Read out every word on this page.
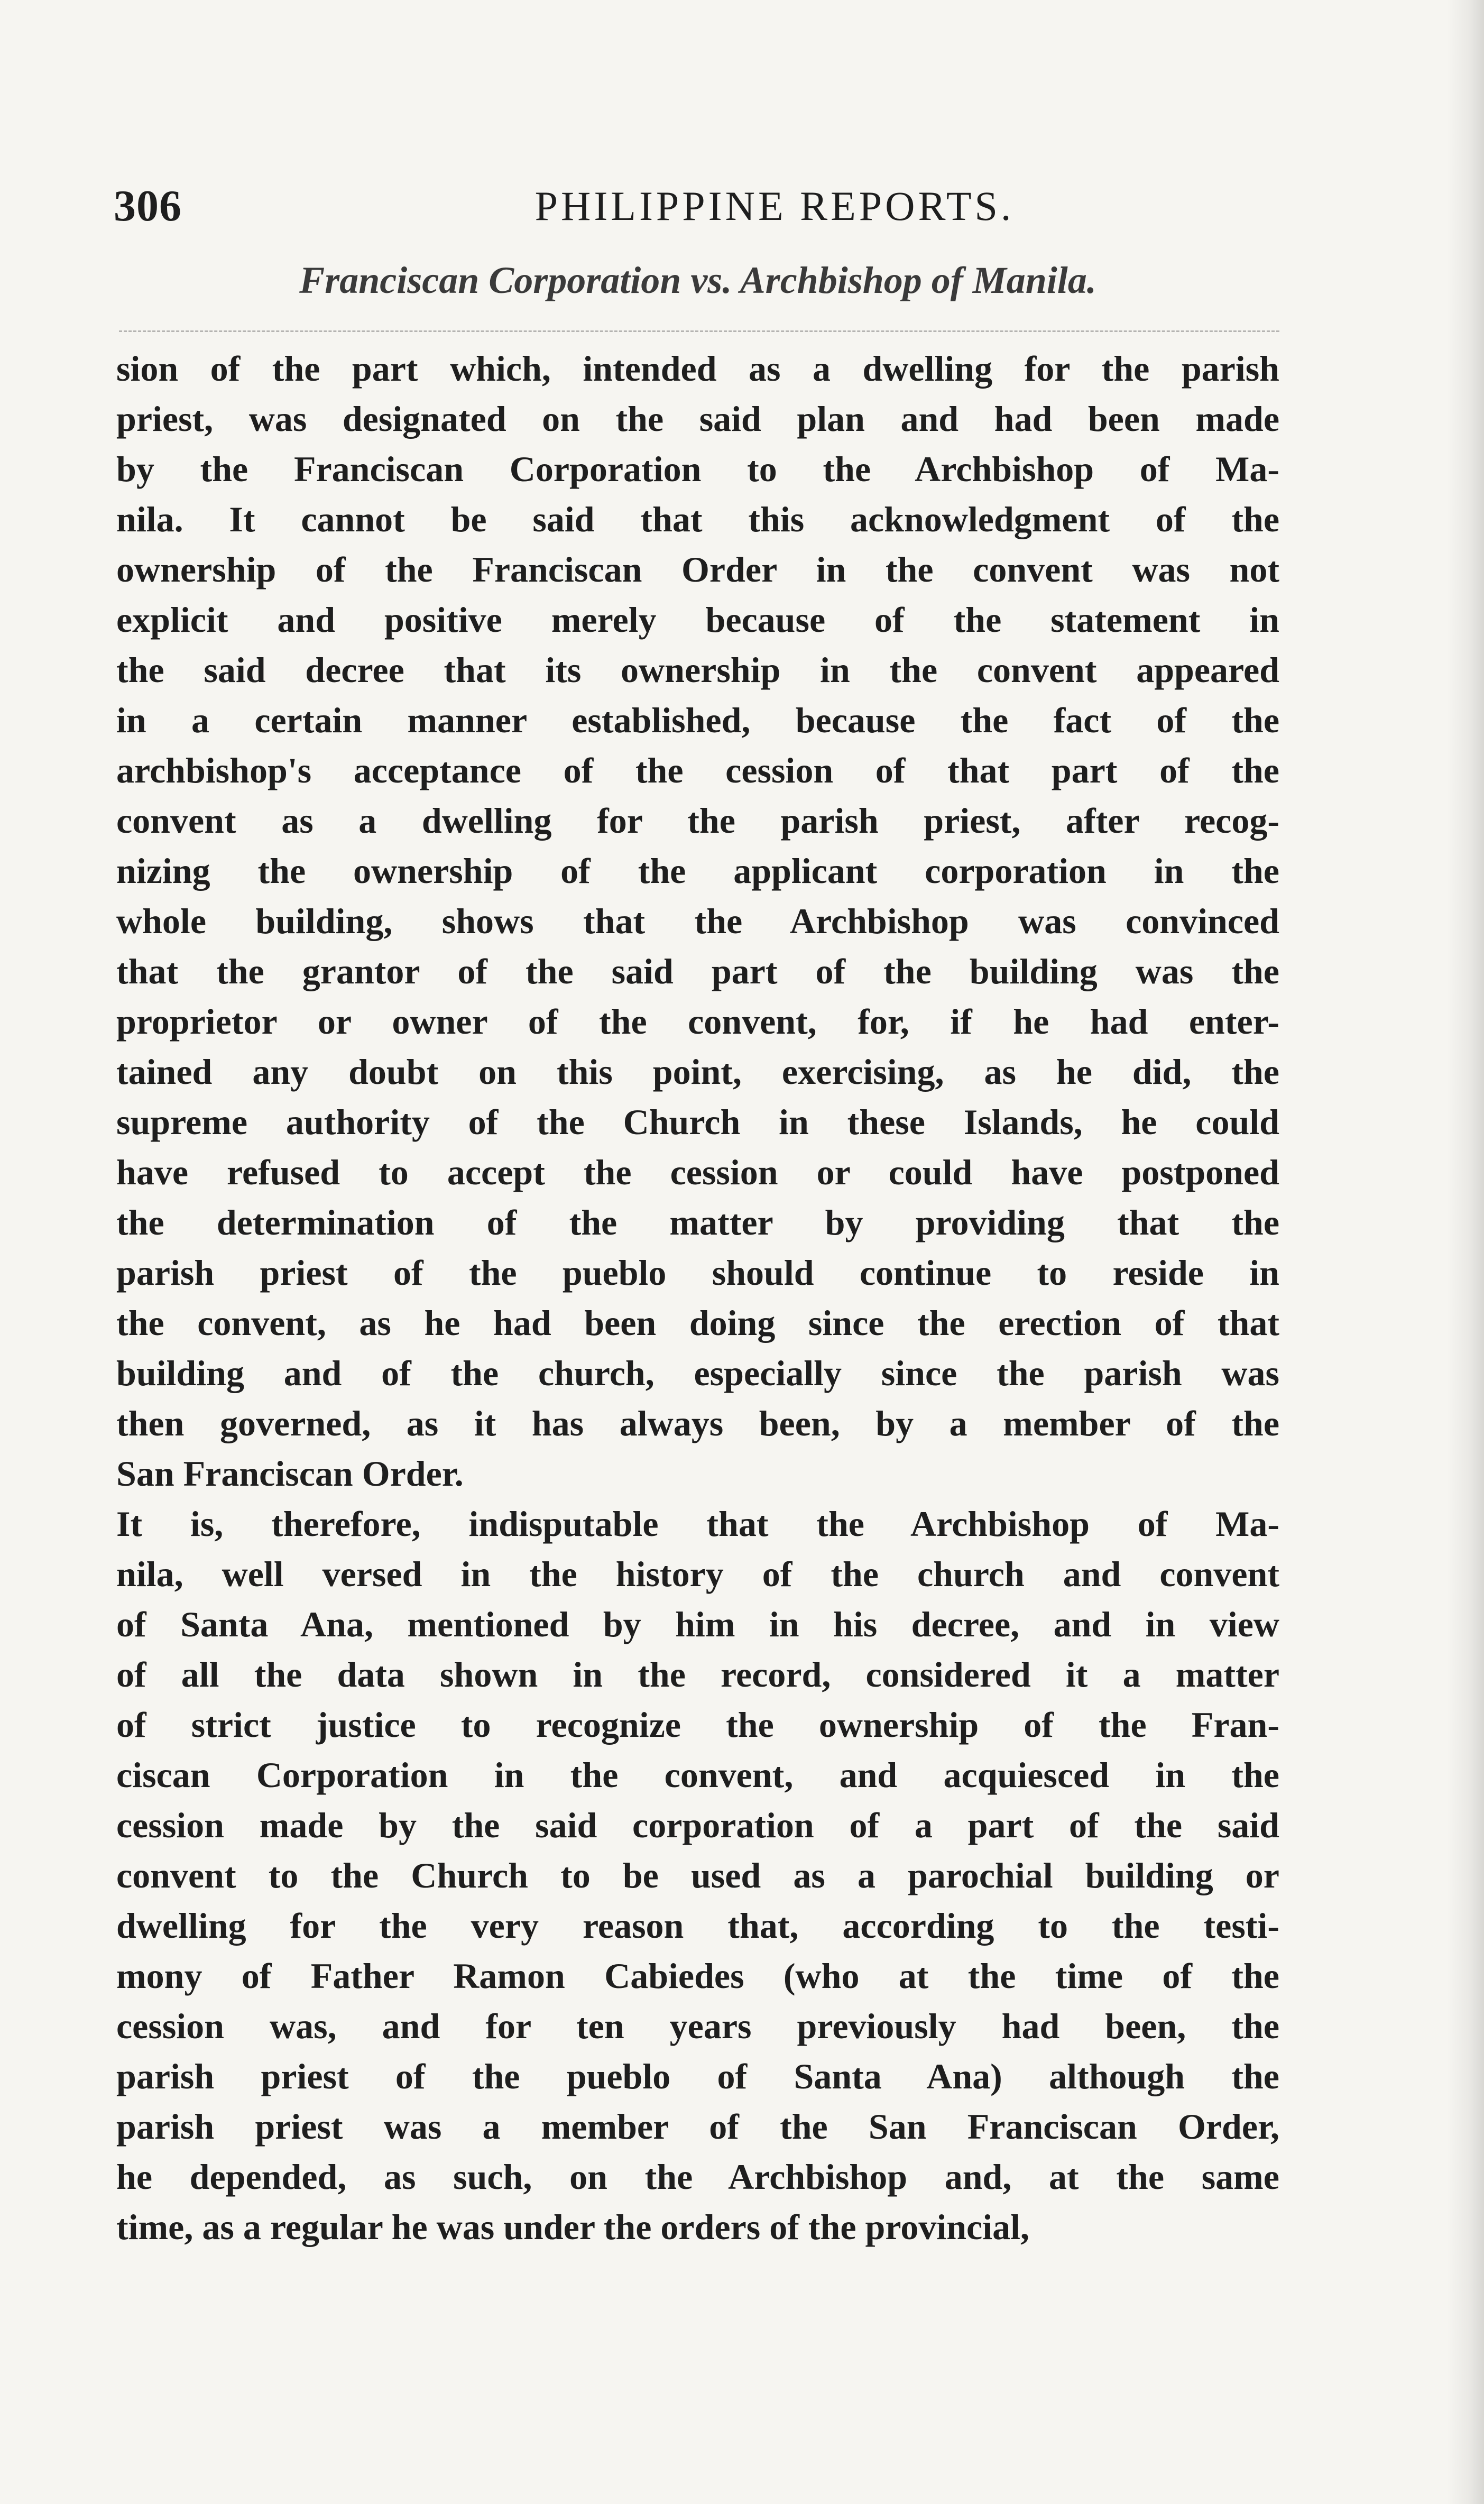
306	PHILIPPINE REPORTS.
Franciscan Corporation vs. Archbishop of Manila.

sion of the part which, intended as a dwelling for the parish
priest, was designated on the said plan and had been made
by the Franciscan Corporation to the Archbishop of Ma-
nila. It cannot be said that this acknowledgment of the
ownership of the Franciscan Order in the convent was not
explicit and positive merely because of the statement in
the said decree that its ownership in the convent appeared
in a certain manner established, because the fact of the
archbishop's acceptance of the cession of that part of the
convent as a dwelling for the parish priest, after recog-
nizing the ownership of the applicant corporation in the
whole building, shows that the Archbishop was convinced
that the grantor of the said part of the building was the
proprietor or owner of the convent, for, if he had enter-
tained any doubt on this point, exercising, as he did, the
supreme authority of the Church in these Islands, he could
have refused to accept the cession or could have postponed
the determination of the matter by providing that the
parish priest of the pueblo should continue to reside in
the convent, as he had been doing since the erection of that
building and of the church, especially since the parish was
then governed, as it has always been, by a member of the
San Franciscan Order.

It is, therefore, indisputable that the Archbishop of Ma-
nila, well versed in the history of the church and convent
of Santa Ana, mentioned by him in his decree, and in view
of all the data shown in the record, considered it a matter
of strict justice to recognize the ownership of the Fran-
ciscan Corporation in the convent, and acquiesced in the
cession made by the said corporation of a part of the said
convent to the Church to be used as a parochial building or
dwelling for the very reason that, according to the testi-
mony of Father Ramon Cabiedes (who at the time of the
cession was, and for ten years previously had been, the
parish priest of the pueblo of Santa Ana) although the
parish priest was a member of the San Franciscan Order,
he depended, as such, on the Archbishop and, at the same
time, as a regular he was under the orders of the provincial,
